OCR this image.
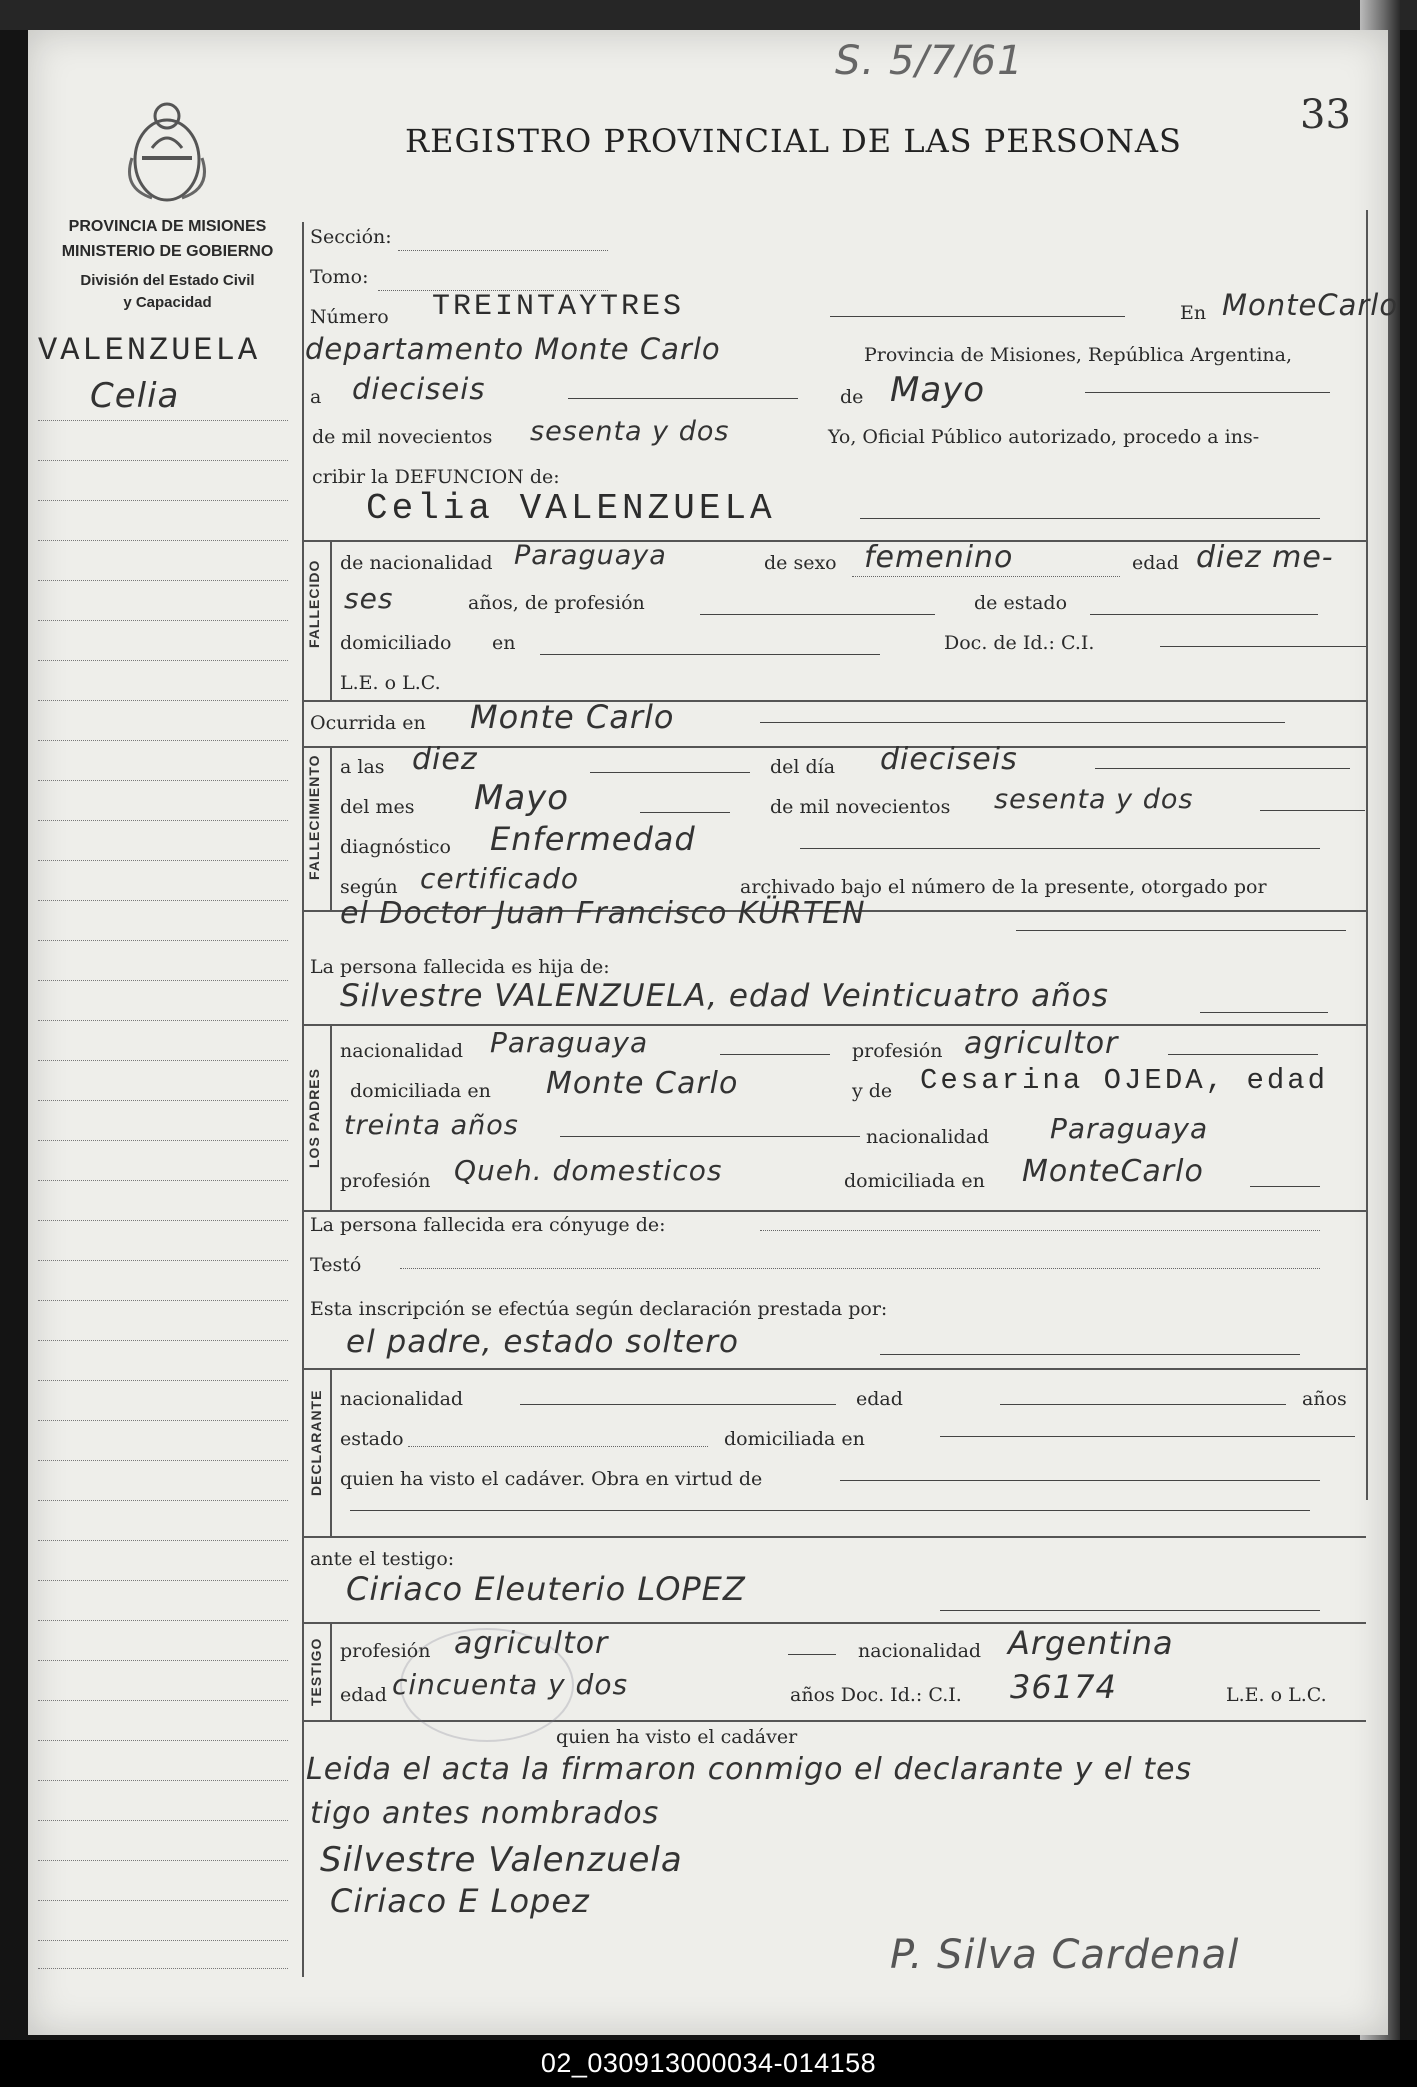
S. 5/7/61
33
PROVINCIA DE MISIONES
MINISTERIO DE GOBIERNO
División del Estado Civil
y Capacidad
REGISTRO PROVINCIAL DE LAS PERSONAS
VALENZUELA
Celia
Sección:
Tomo:
Número TREINTAYTRES	En MonteCarlo
departamento Monte Carlo	Provincia de Misiones, República Argentina,
a dieciseis	de Mayo
de mil novecientos sesenta y dos	Yo, Oficial Público autorizado, procedo a ins-
cribir la DEFUNCION de:
Celia VALENZUELA
FALLECIDO de nacionalidad Paraguaya	de sexo femenino	edad diez me-
ses	años, de profesión	de estado
domiciliado en	Doc. de Id.: C.I.
L.E. o L.C.
Ocurrida en Monte Carlo
FALLECIMIENTO a las diez	del día dieciseis
del mes Mayo	de mil novecientos sesenta y dos
diagnóstico Enfermedad
según certificado	archivado bajo el número de la presente, otorgado por
el Doctor Juan Francisco KÜRTEN
La persona fallecida es hija de:
Silvestre VALENZUELA, edad Veinticuatro años
LOS PADRES
nacionalidad Paraguaya	profesión agricultor
domiciliada en Monte Carlo	y de Cesarina OJEDA, edad
treinta años	nacionalidad Paraguaya
profesión Queh. domesticos	domiciliada en MonteCarlo
La persona fallecida era cónyuge de:
Testó
Esta inscripción se efectúa según declaración prestada por:
el padre, estado soltero
DECLARANTE nacionalidad	edad	años
estado	domiciliada en
quien ha visto el cadáver. Obra en virtud de
ante el testigo:
Ciriaco Eleuterio LOPEZ
TESTIGO profesión agricultor	nacionalidad Argentina
edad cincuenta y dos	años Doc. Id.: C.I. 36174	L.E. o L.C.
quien ha visto el cadáver
Leida el acta la firmaron conmigo el declarante y el tes
tigo antes nombrados
Silvestre Valenzuela
Ciriaco E Lopez
P. Silva Cardenal
02_030913000034-014158
